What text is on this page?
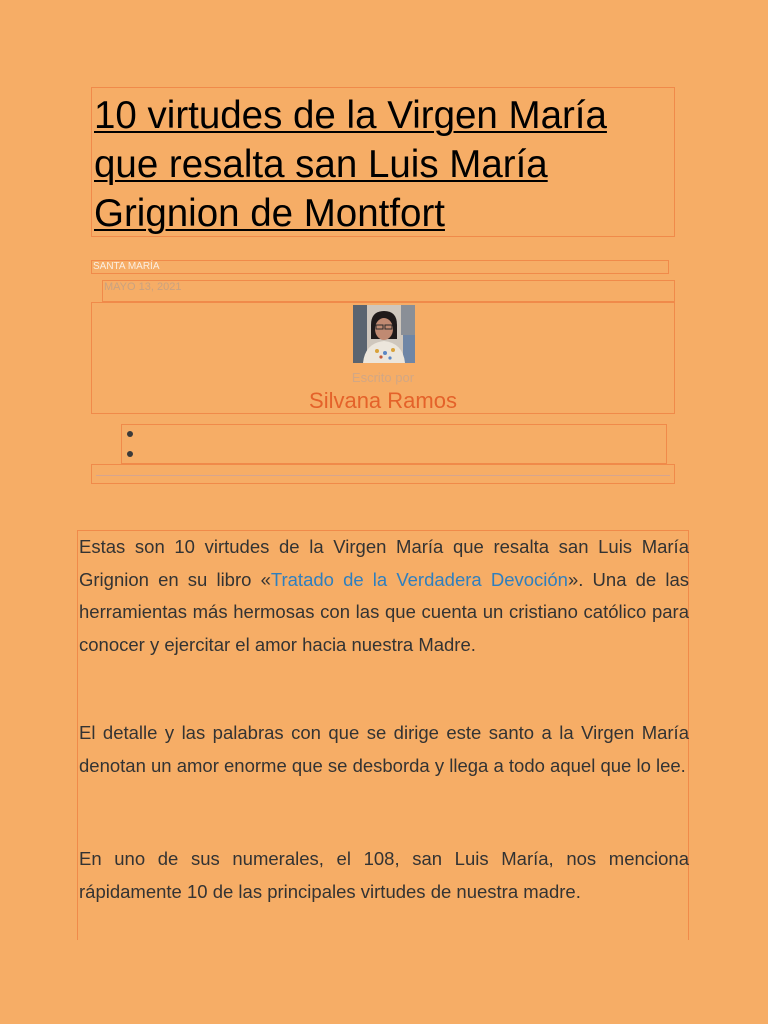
10 virtudes de la Virgen María que resalta san Luis María Grignion de Montfort
SANTA MARÍA
MAYO 13, 2021
Escrito por
Silvana Ramos

Estas son 10 virtudes de la Virgen María que resalta san Luis María Grignion en su libro «Tratado de la Verdadera Devoción». Una de las herramientas más hermosas con las que cuenta un cristiano católico para conocer y ejercitar el amor hacia nuestra Madre.

El detalle y las palabras con que se dirige este santo a la Virgen María denotan un amor enorme que se desborda y llega a todo aquel que lo lee.

En uno de sus numerales, el 108, san Luis María, nos menciona rápidamente 10 de las principales virtudes de nuestra madre.
